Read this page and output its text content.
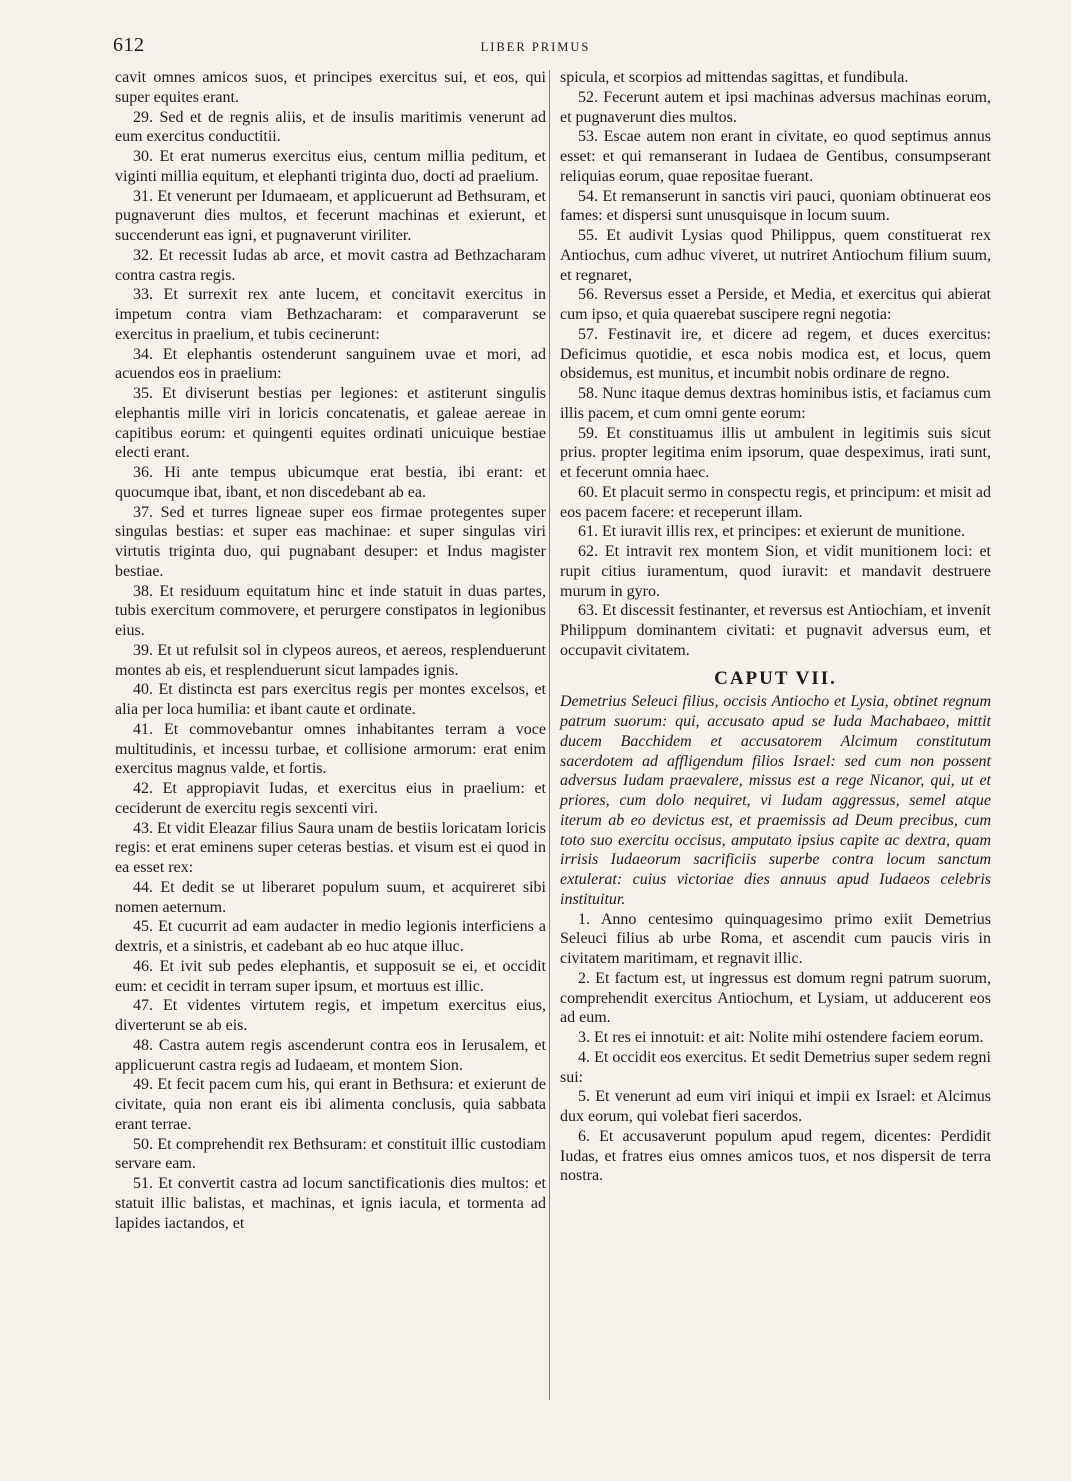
612	LIBER PRIMUS

cavit omnes amicos suos, et principes exercitus sui, et eos, qui super equites erant.

29. Sed et de regnis aliis, et de insulis maritimis venerunt ad eum exercitus conductitii.

30. Et erat numerus exercitus eius, centum millia peditum, et viginti millia equitum, et elephanti triginta duo, docti ad praelium.

31. Et venerunt per Idumaeam, et applicuerunt ad Bethsuram, et pugnaverunt dies multos, et fecerunt machinas et exierunt, et succenderunt eas igni, et pugnaverunt viriliter.

32. Et recessit Iudas ab arce, et movit castra ad Bethzacharam contra castra regis.

33. Et surrexit rex ante lucem, et concitavit exercitus in impetum contra viam Bethzacharam: et comparaverunt se exercitus in praelium, et tubis cecinerunt:

34. Et elephantis ostenderunt sanguinem uvae et mori, ad acuendos eos in praelium:

35. Et diviserunt bestias per legiones: et astiterunt singulis elephantis mille viri in loricis concatenatis, et galeae aereae in capitibus eorum: et quingenti equites ordinati unicuique bestiae electi erant.

36. Hi ante tempus ubicumque erat bestia, ibi erant: et quocumque ibat, ibant, et non discedebant ab ea.

37. Sed et turres ligneae super eos firmae protegentes super singulas bestias: et super eas machinae: et super singulas viri virtutis triginta duo, qui pugnabant desuper: et Indus magister bestiae.

38. Et residuum equitatum hinc et inde statuit in duas partes, tubis exercitum commovere, et perurgere constipatos in legionibus eius.

39. Et ut refulsit sol in clypeos aureos, et aereos, resplenduerunt montes ab eis, et resplenduerunt sicut lampades ignis.

40. Et distincta est pars exercitus regis per montes excelsos, et alia per loca humilia: et ibant caute et ordinate.

41. Et commovebantur omnes inhabitantes terram a voce multitudinis, et incessu turbae, et collisione armorum: erat enim exercitus magnus valde, et fortis.

42. Et appropiavit Iudas, et exercitus eius in praelium: et ceciderunt de exercitu regis sexcenti viri.

43. Et vidit Eleazar filius Saura unam de bestiis loricatam loricis regis: et erat eminens super ceteras bestias. et visum est ei quod in ea esset rex:

44. Et dedit se ut liberaret populum suum, et acquireret sibi nomen aeternum.

45. Et cucurrit ad eam audacter in medio legionis interficiens a dextris, et a sinistris, et cadebant ab eo huc atque illuc.

46. Et ivit sub pedes elephantis, et supposuit se ei, et occidit eum: et cecidit in terram super ipsum, et mortuus est illic.

47. Et videntes virtutem regis, et impetum exercitus eius, diverterunt se ab eis.

48. Castra autem regis ascenderunt contra eos in Ierusalem, et applicuerunt castra regis ad Iudaeam, et montem Sion.

49. Et fecit pacem cum his, qui erant in Bethsura: et exierunt de civitate, quia non erant eis ibi alimenta conclusis, quia sabbata erant terrae.

50. Et comprehendit rex Bethsuram: et constituit illic custodiam servare eam.

51. Et convertit castra ad locum sanctificationis dies multos: et statuit illic balistas, et machinas, et ignis iacula, et tormenta ad lapides iactandos, et

spicula, et scorpios ad mittendas sagittas, et fundibula.

52. Fecerunt autem et ipsi machinas adversus machinas eorum, et pugnaverunt dies multos.

53. Escae autem non erant in civitate, eo quod septimus annus esset: et qui remanserant in Iudaea de Gentibus, consumpserant reliquias eorum, quae repositae fuerant.

54. Et remanserunt in sanctis viri pauci, quoniam obtinuerat eos fames: et dispersi sunt unusquisque in locum suum.

55. Et audivit Lysias quod Philippus, quem constituerat rex Antiochus, cum adhuc viveret, ut nutriret Antiochum filium suum, et regnaret,

56. Reversus esset a Perside, et Media, et exercitus qui abierat cum ipso, et quia quaerebat suscipere regni negotia:

57. Festinavit ire, et dicere ad regem, et duces exercitus: Deficimus quotidie, et esca nobis modica est, et locus, quem obsidemus, est munitus, et incumbit nobis ordinare de regno.

58. Nunc itaque demus dextras hominibus istis, et faciamus cum illis pacem, et cum omni gente eorum:

59. Et constituamus illis ut ambulent in legitimis suis sicut prius. propter legitima enim ipsorum, quae despeximus, irati sunt, et fecerunt omnia haec.

60. Et placuit sermo in conspectu regis, et principum: et misit ad eos pacem facere: et receperunt illam.

61. Et iuravit illis rex, et principes: et exierunt de munitione.

62. Et intravit rex montem Sion, et vidit munitionem loci: et rupit citius iuramentum, quod iuravit: et mandavit destruere murum in gyro.

63. Et discessit festinanter, et reversus est Antiochiam, et invenit Philippum dominantem civitati: et pugnavit adversus eum, et occupavit civitatem.

CAPUT VII.

Demetrius Seleuci filius, occisis Antiocho et Lysia, obtinet regnum patrum suorum: qui, accusato apud se Iuda Machabaeo, mittit ducem Bacchidem et accusatorem Alcimum constitutum sacerdotem ad affligendum filios Israel: sed cum non possent adversus Iudam praevalere, missus est a rege Nicanor, qui, ut et priores, cum dolo nequiret, vi Iudam aggressus, semel atque iterum ab eo devictus est, et praemissis ad Deum precibus, cum toto suo exercitu occisus, amputato ipsius capite ac dextra, quam irrisis Iudaeorum sacrificiis superbe contra locum sanctum extulerat: cuius victoriae dies annuus apud Iudaeos celebris instituitur.

1. Anno centesimo quinquagesimo primo exiit Demetrius Seleuci filius ab urbe Roma, et ascendit cum paucis viris in civitatem maritimam, et regnavit illic.

2. Et factum est, ut ingressus est domum regni patrum suorum, comprehendit exercitus Antiochum, et Lysiam, ut adducerent eos ad eum.

3. Et res ei innotuit: et ait: Nolite mihi ostendere faciem eorum.

4. Et occidit eos exercitus. Et sedit Demetrius super sedem regni sui:

5. Et venerunt ad eum viri iniqui et impii ex Israel: et Alcimus dux eorum, qui volebat fieri sacerdos.

6. Et accusaverunt populum apud regem, dicentes: Perdidit Iudas, et fratres eius omnes amicos tuos, et nos dispersit de terra nostra.
